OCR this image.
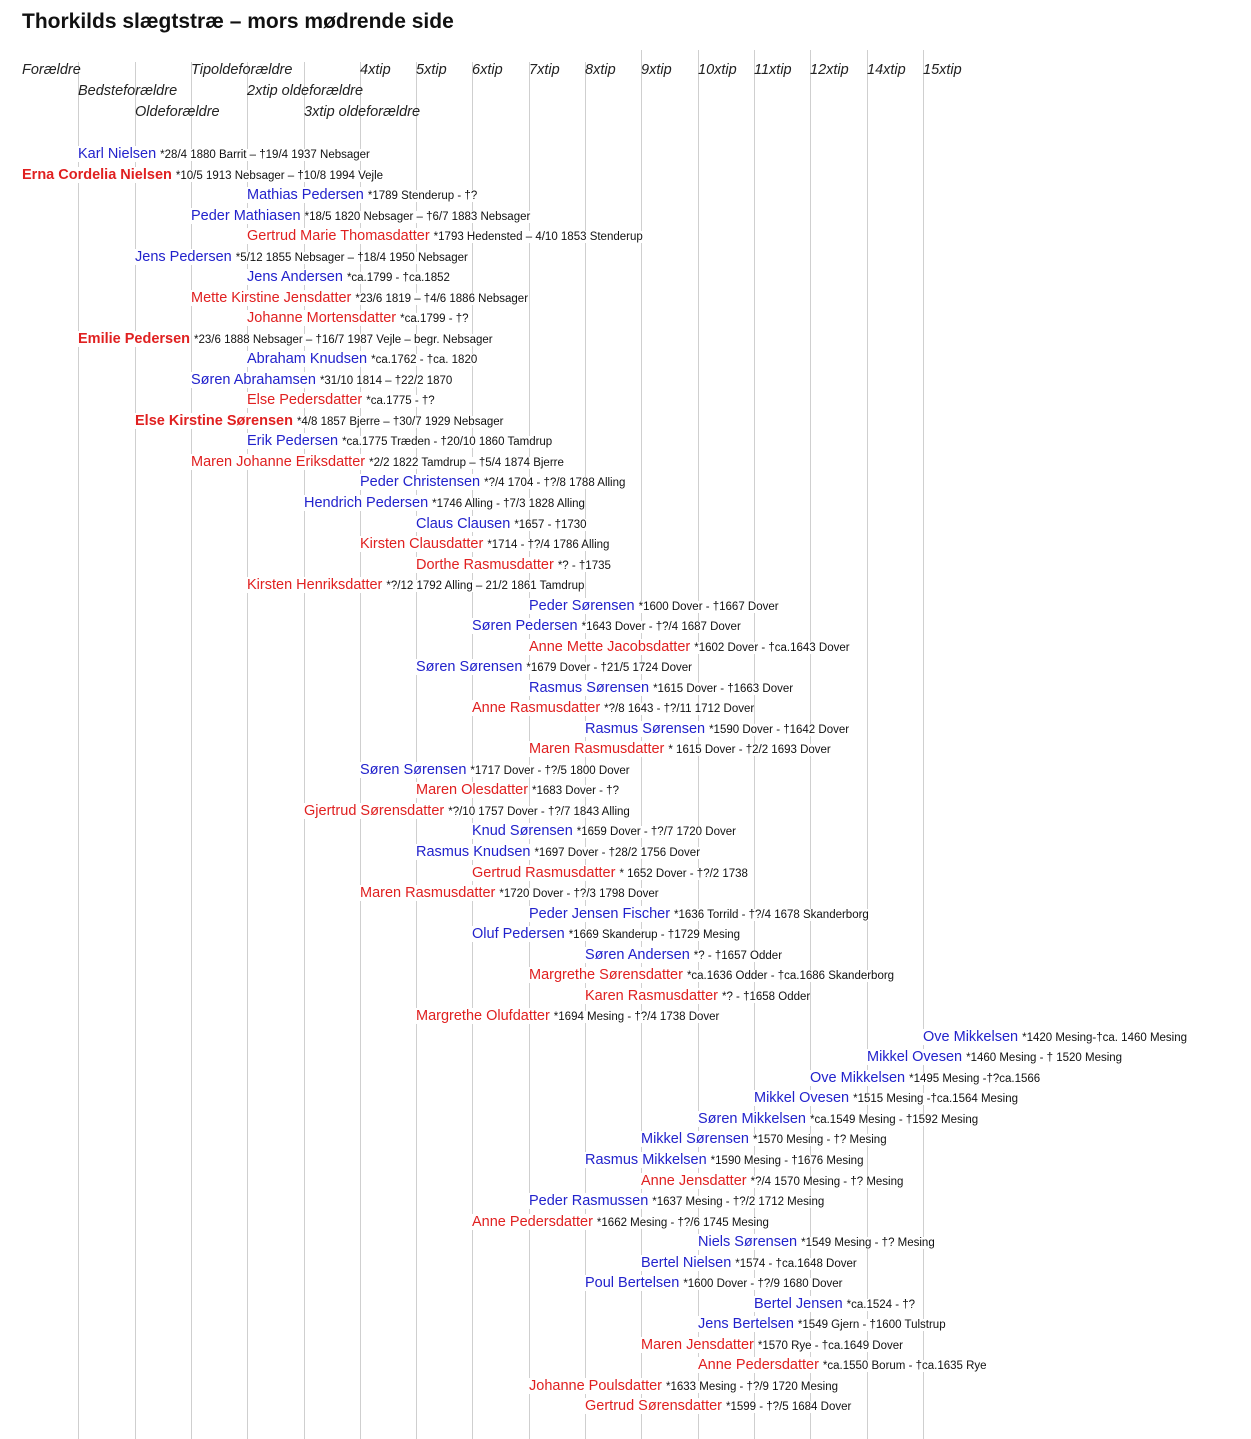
Thorkilds slægtstræ – mors mødrende side
Forældre
Bedsteforældre
Oldeforældre
Tipoldeforældre
2xtip oldeforældre
3xtip oldeforældre
4xtip 5xtip 6xtip 7xtip 8xtip 9xtip 10xtip 11xtip 12xtip 14xtip 15xtip
Karl Nielsen *28/4 1880 Barrit – †19/4 1937 Nebsager
Erna Cordelia Nielsen *10/5 1913 Nebsager – †10/8 1994 Vejle
Mathias Pedersen *1789 Stenderup - †?
Peder Mathiasen *18/5 1820 Nebsager – †6/7 1883 Nebsager
Gertrud Marie Thomasdatter *1793 Hedensted – 4/10 1853 Stenderup
Jens Pedersen *5/12 1855 Nebsager – †18/4 1950 Nebsager
Jens Andersen *ca.1799 - †ca.1852
Mette Kirstine Jensdatter *23/6 1819 – †4/6 1886 Nebsager
Johanne Mortensdatter *ca.1799 - †?
Emilie Pedersen *23/6 1888 Nebsager – †16/7 1987 Vejle – begr. Nebsager
Abraham Knudsen *ca.1762 - †ca. 1820
Søren Abrahamsen *31/10 1814 – †22/2 1870
Else Pedersdatter *ca.1775 - †?
Else Kirstine Sørensen *4/8 1857 Bjerre – †30/7 1929 Nebsager
Erik Pedersen *ca.1775 Træden - †20/10 1860 Tamdrup
Maren Johanne Eriksdatter *2/2 1822 Tamdrup – †5/4 1874 Bjerre
Peder Christensen *?/4 1704 - †?/8 1788 Alling
Hendrich Pedersen *1746 Alling - †7/3 1828 Alling
Claus Clausen *1657 - †1730
Kirsten Clausdatter *1714 - †?/4 1786 Alling
Dorthe Rasmusdatter *? - †1735
Kirsten Henriksdatter *?/12 1792 Alling – 21/2 1861 Tamdrup
Peder Sørensen *1600 Dover - †1667 Dover
Søren Pedersen *1643 Dover - †?/4 1687 Dover
Anne Mette Jacobsdatter *1602 Dover - †ca.1643 Dover
Søren Sørensen *1679 Dover - †21/5 1724 Dover
Rasmus Sørensen *1615 Dover - †1663 Dover
Anne Rasmusdatter *?/8 1643 - †?/11 1712 Dover
Rasmus Sørensen *1590 Dover - †1642 Dover
Maren Rasmusdatter * 1615 Dover - †2/2 1693 Dover
Søren Sørensen *1717 Dover - †?/5 1800 Dover
Maren Olesdatter *1683 Dover - †?
Gjertrud Sørensdatter *?/10 1757 Dover - †?/7 1843 Alling
Knud Sørensen *1659 Dover - †?/7 1720 Dover
Rasmus Knudsen *1697 Dover - †28/2 1756 Dover
Gertrud Rasmusdatter * 1652 Dover - †?/2 1738
Maren Rasmusdatter *1720 Dover - †?/3 1798 Dover
Peder Jensen Fischer *1636 Torrild - †?/4 1678 Skanderborg
Oluf Pedersen *1669 Skanderup - †1729 Mesing
Søren Andersen *? - †1657 Odder
Margrethe Sørensdatter *ca.1636 Odder - †ca.1686 Skanderborg
Karen Rasmusdatter *? - †1658 Odder
Margrethe Olufdatter *1694 Mesing - †?/4 1738 Dover
Ove Mikkelsen *1420 Mesing-†ca. 1460 Mesing
Mikkel Ovesen *1460 Mesing - † 1520 Mesing
Ove Mikkelsen *1495 Mesing -†?ca.1566
Mikkel Ovesen *1515 Mesing -†ca.1564 Mesing
Søren Mikkelsen *ca.1549 Mesing - †1592 Mesing
Mikkel Sørensen *1570 Mesing - †? Mesing
Rasmus Mikkelsen *1590 Mesing - †1676 Mesing
Anne Jensdatter *?/4 1570 Mesing - †? Mesing
Peder Rasmussen *1637 Mesing - †?/2 1712 Mesing
Anne Pedersdatter *1662 Mesing - †?/6 1745 Mesing
Niels Sørensen *1549 Mesing - †? Mesing
Bertel Nielsen *1574 - †ca.1648 Dover
Poul Bertelsen *1600 Dover - †?/9 1680 Dover
Bertel Jensen *ca.1524 - †?
Jens Bertelsen *1549 Gjern - †1600 Tulstrup
Maren Jensdatter *1570 Rye - †ca.1649 Dover
Anne Pedersdatter *ca.1550 Borum - †ca.1635 Rye
Johanne Poulsdatter *1633 Mesing - †?/9 1720 Mesing
Gertrud Sørensdatter *1599 - †?/5 1684 Dover
